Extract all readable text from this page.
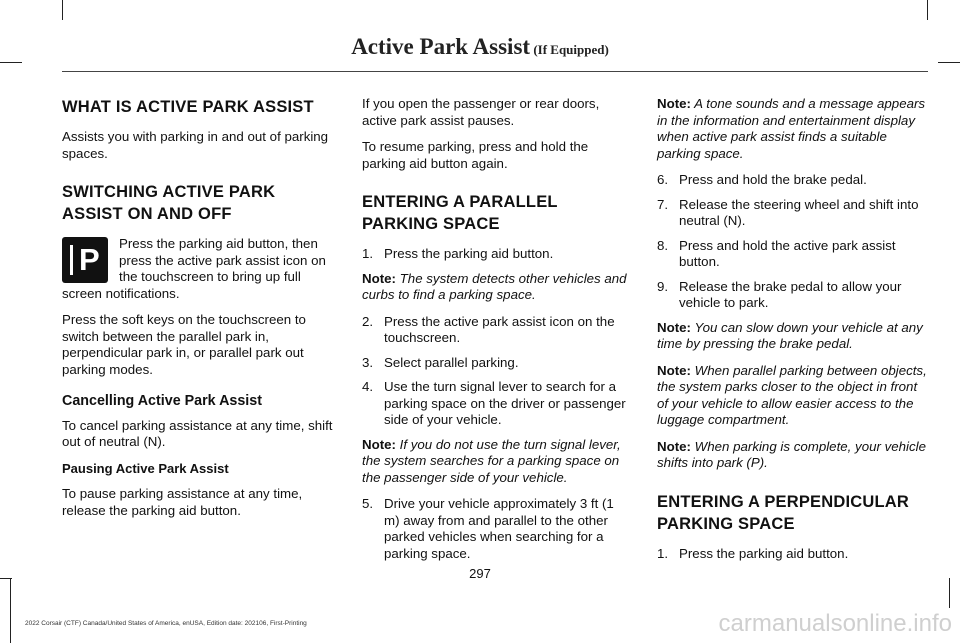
Active Park Assist (If Equipped)
WHAT IS ACTIVE PARK ASSIST

Assists you with parking in and out of parking spaces.

SWITCHING ACTIVE PARK ASSIST ON AND OFF
P	Press the parking aid button, then press the active park assist icon on the touchscreen to bring up full screen notifications.

Press the soft keys on the touchscreen to switch between the parallel park in, perpendicular park in, or parallel park out parking modes.

Cancelling Active Park Assist

To cancel parking assistance at any time, shift out of neutral (N).

Pausing Active Park Assist

To pause parking assistance at any time, release the parking aid button.

If you open the passenger or rear doors, active park assist pauses.

To resume parking, press and hold the parking aid button again.

ENTERING A PARALLEL PARKING SPACE
1. Press the parking aid button.

Note: The system detects other vehicles and curbs to find a parking space.

2. Press the active park assist icon on the touchscreen.
3. Select parallel parking.
4. Use the turn signal lever to search for a parking space on the driver or passenger side of your vehicle.

Note: If you do not use the turn signal lever, the system searches for a parking space on the passenger side of your vehicle.

5. Drive your vehicle approximately 3 ft (1 m) away from and parallel to the other parked vehicles when searching for a parking space.

Note: A tone sounds and a message appears in the information and entertainment display when active park assist finds a suitable parking space.

6. Press and hold the brake pedal.
7. Release the steering wheel and shift into neutral (N).
8. Press and hold the active park assist button.
9. Release the brake pedal to allow your vehicle to park.

Note: You can slow down your vehicle at any time by pressing the brake pedal.

Note: When parallel parking between objects, the system parks closer to the object in front of your vehicle to allow easier access to the luggage compartment.

Note: When parking is complete, your vehicle shifts into park (P).

ENTERING A PERPENDICULAR PARKING SPACE
1. Press the parking aid button.
297
2022 Corsair (CTF) Canada/United States of America, enUSA, Edition date: 202106, First-Printing	carmanualsonline.info
